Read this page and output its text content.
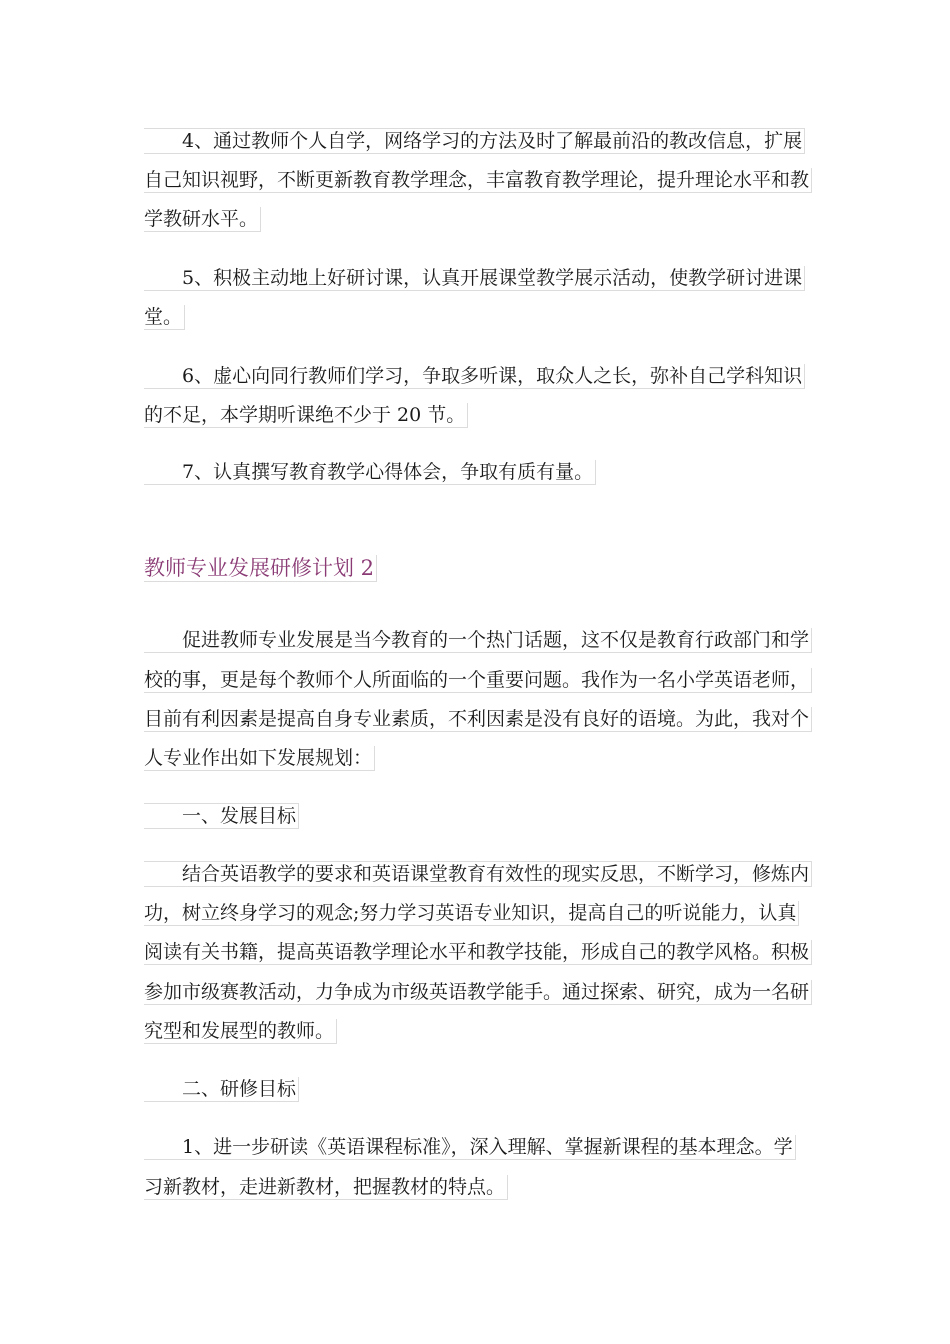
4、通过教师个人自学，网络学习的方法及时了解最前沿的教改信息，扩展
自己知识视野，不断更新教育教学理念，丰富教育教学理论，提升理论水平和教
学教研水平。
5、积极主动地上好研讨课，认真开展课堂教学展示活动，使教学研讨进课
堂。
6、虚心向同行教师们学习，争取多听课，取众人之长，弥补自己学科知识
的不足，本学期听课绝不少于 20 节。
7、认真撰写教育教学心得体会，争取有质有量。
教师专业发展研修计划 2
促进教师专业发展是当今教育的一个热门话题，这不仅是教育行政部门和学
校的事，更是每个教师个人所面临的一个重要问题。我作为一名小学英语老师，
目前有利因素是提高自身专业素质，不利因素是没有良好的语境。为此，我对个
人专业作出如下发展规划：
一、发展目标
结合英语教学的要求和英语课堂教育有效性的现实反思，不断学习，修炼内
功，树立终身学习的观念;努力学习英语专业知识，提高自己的听说能力，认真
阅读有关书籍，提高英语教学理论水平和教学技能，形成自己的教学风格。积极
参加市级赛教活动，力争成为市级英语教学能手。通过探索、研究，成为一名研
究型和发展型的教师。
二、研修目标
1、进一步研读《英语课程标准》，深入理解、掌握新课程的基本理念。学
习新教材，走进新教材，把握教材的特点。
